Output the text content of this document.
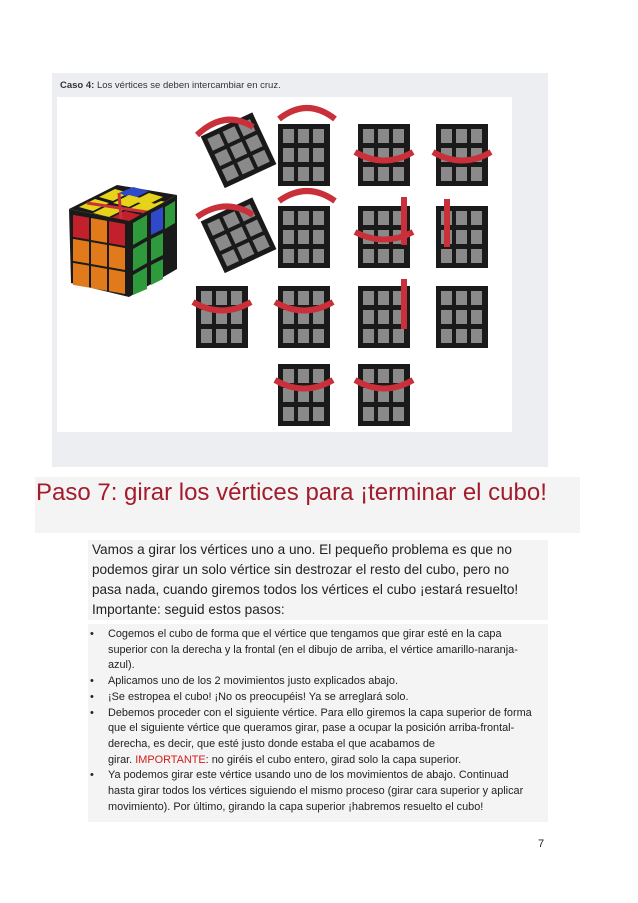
Caso 4: Los vértices se deben intercambiar en cruz.
Paso 7: girar los vértices para ¡terminar el cubo!

Vamos a girar los vértices uno a uno. El pequeño problema es que no

podemos girar un solo vértice sin destrozar el resto del cubo, pero no

pasa nada, cuando giremos todos los vértices el cubo ¡estará resuelto!

Importante: seguid estos pasos:

• Cogemos el cubo de forma que el vértice que tengamos que girar esté en la capa
superior con la derecha y la frontal (en el dibujo de arriba, el vértice amarillo-naranja-
azul).
• Aplicamos uno de los 2 movimientos justo explicados abajo.
• ¡Se estropea el cubo! ¡No os preocupéis! Ya se arreglará solo.
• Debemos proceder con el siguiente vértice. Para ello giremos la capa superior de forma
que el siguiente vértice que queramos girar, pase a ocupar la posición arriba-frontal-
derecha, es decir, que esté justo donde estaba el que acabamos de
girar. IMPORTANTE: no giréis el cubo entero, girad solo la capa superior.
• Ya podemos girar este vértice usando uno de los movimientos de abajo. Continuad
hasta girar todos los vértices siguiendo el mismo proceso (girar cara superior y aplicar
movimiento). Por último, girando la capa superior ¡habremos resuelto el cubo!
7
